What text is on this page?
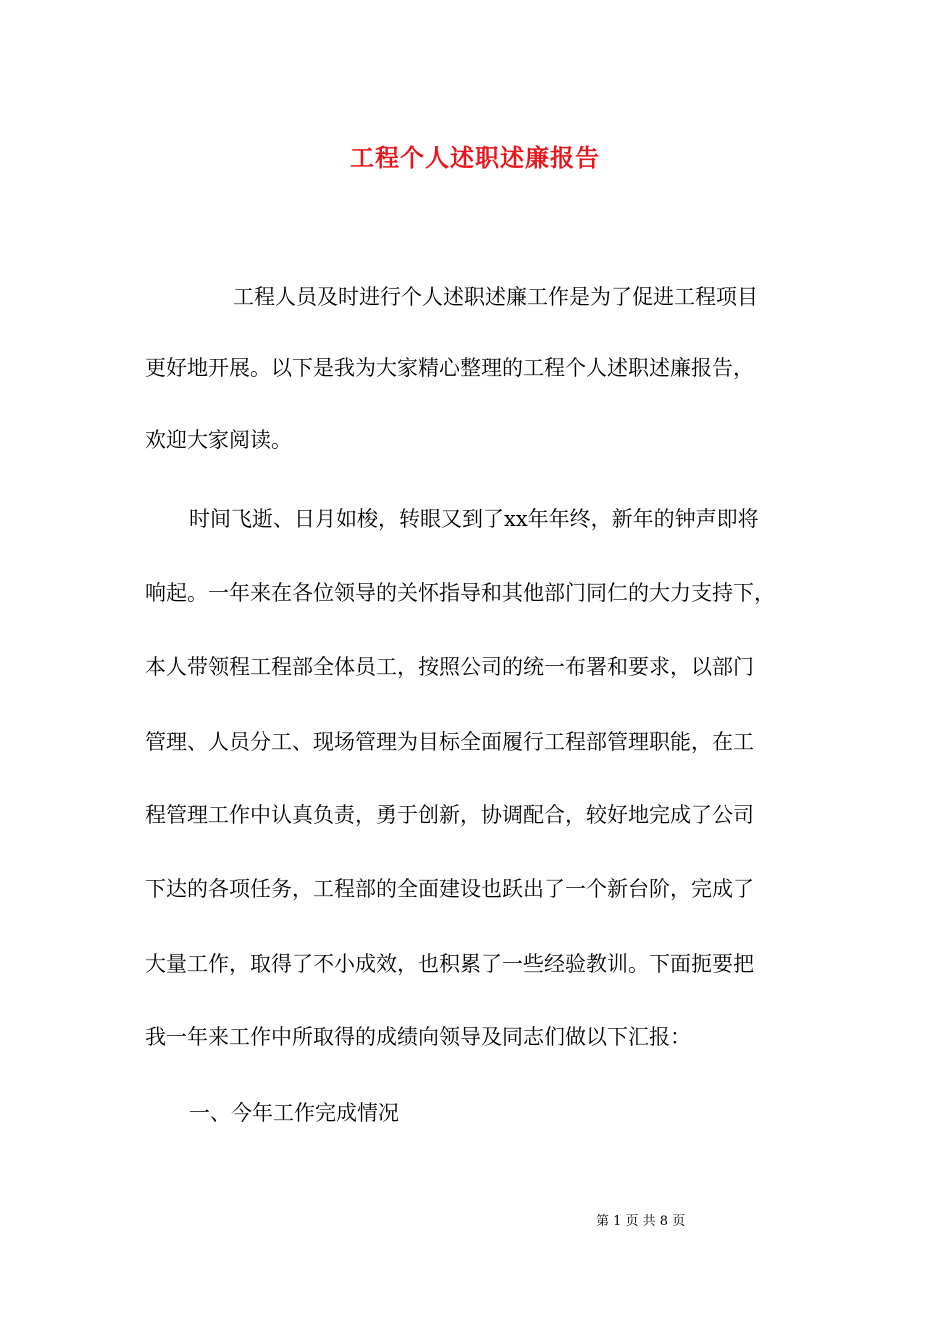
工程个人述职述廉报告
工程人员及时进行个人述职述廉工作是为了促进工程项目
更好地开展。以下是我为大家精心整理的工程个人述职述廉报告，
欢迎大家阅读。
时间飞逝、日月如梭，转眼又到了xx年年终，新年的钟声即将
响起。一年来在各位领导的关怀指导和其他部门同仁的大力支持下，
本人带领程工程部全体员工，按照公司的统一布署和要求，以部门
管理、人员分工、现场管理为目标全面履行工程部管理职能，在工
程管理工作中认真负责，勇于创新，协调配合，较好地完成了公司
下达的各项任务，工程部的全面建设也跃出了一个新台阶，完成了
大量工作，取得了不小成效，也积累了一些经验教训。下面扼要把
我一年来工作中所取得的成绩向领导及同志们做以下汇报：
一、今年工作完成情况
第 1 页 共 8 页
